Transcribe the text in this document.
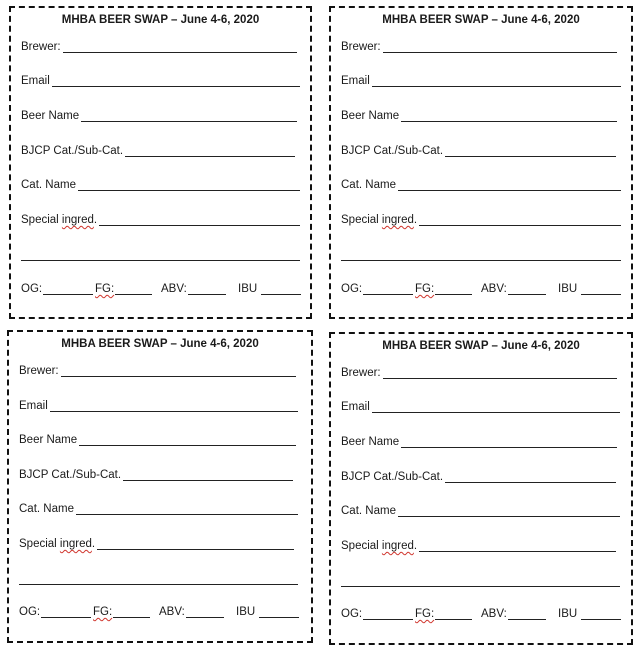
MHBA BEER SWAP – June 4-6, 2020
Brewer:
Email
Beer Name
BJCP Cat./Sub-Cat.
Cat. Name
Special ingred.
OG:	FG:	ABV:	IBU
MHBA BEER SWAP – June 4-6, 2020
Brewer:
Email
Beer Name
BJCP Cat./Sub-Cat.
Cat. Name
Special ingred.
OG:	FG:	ABV:	IBU
MHBA BEER SWAP – June 4-6, 2020
Brewer:
Email
Beer Name
BJCP Cat./Sub-Cat.
Cat. Name
Special ingred.
OG:	FG:	ABV:	IBU
MHBA BEER SWAP – June 4-6, 2020
Brewer:
Email
Beer Name
BJCP Cat./Sub-Cat.
Cat. Name
Special ingred.
OG:	FG:	ABV:	IBU
